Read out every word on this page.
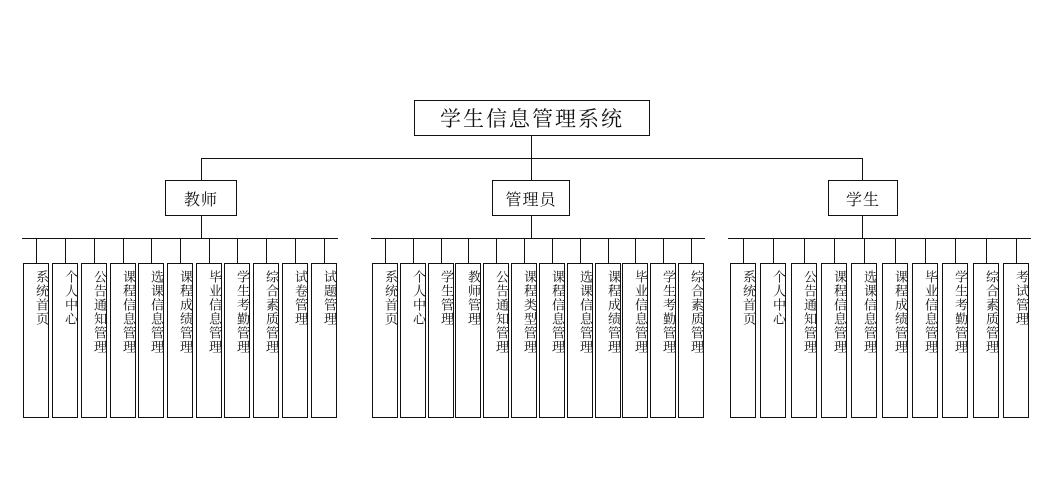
学生信息管理系统
教师	管理员	学生
系统首页	个人中心	公告通知管理	课程信息管理	选课信息管理	课程成绩管理	毕业信息管理	学生考勤管理	综合素质管理	试卷管理	试题管理	系统首页	个人中心	学生管理 教师管理	公告通知管理	课程类型管理	课程信息管理	选课信息管理	课程成绩管理 毕业信息管理	学生考勤管理	综合素质管理	系统首页	个人中心	公告通知管理	课程信息管理	选课信息管理	课程成绩管理	毕业信息管理	学生考勤管理	综合素质管理	考试管理
